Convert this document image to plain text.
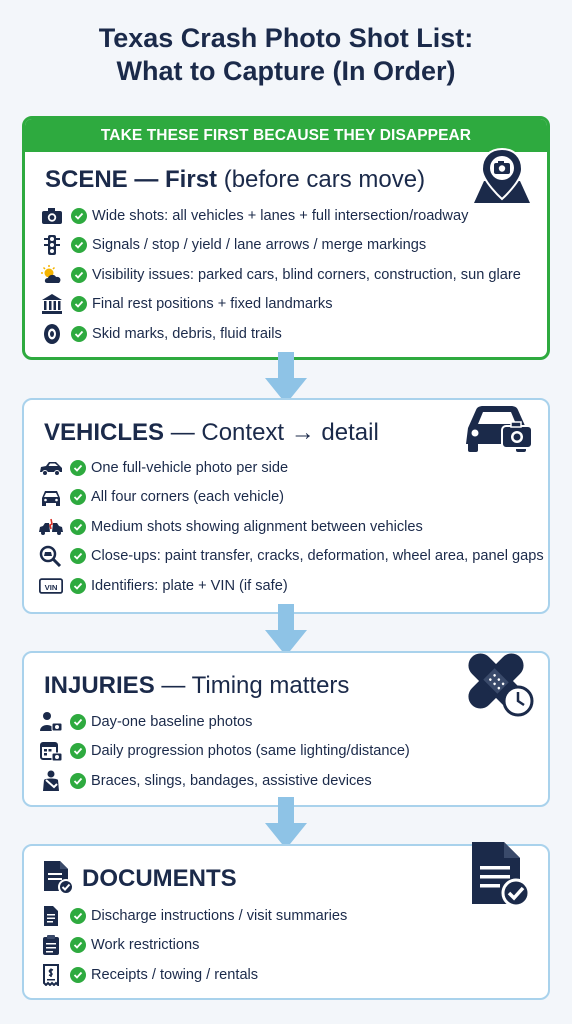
Texas Crash Photo Shot List:
What to Capture (In Order)
TAKE THESE FIRST BECAUSE THEY DISAPPEAR
SCENE — First (before cars move)
Wide shots: all vehicles + lanes + full intersection/roadway
Signals / stop / yield / lane arrows / merge markings
Visibility issues: parked cars, blind corners, construction, sun glare
Final rest positions + fixed landmarks
Skid marks, debris, fluid trails
VEHICLES — Context → detail
One full-vehicle photo per side
All four corners (each vehicle)
Medium shots showing alignment between vehicles
Close-ups: paint transfer, cracks, deformation, wheel area, panel gaps
VIN Identifiers: plate + VIN (if safe)
INJURIES — Timing matters
Day-one baseline photos
Daily progression photos (same lighting/distance)
Braces, slings, bandages, assistive devices
DOCUMENTS
Discharge instructions / visit summaries
Work restrictions
Receipts / towing / rentals
